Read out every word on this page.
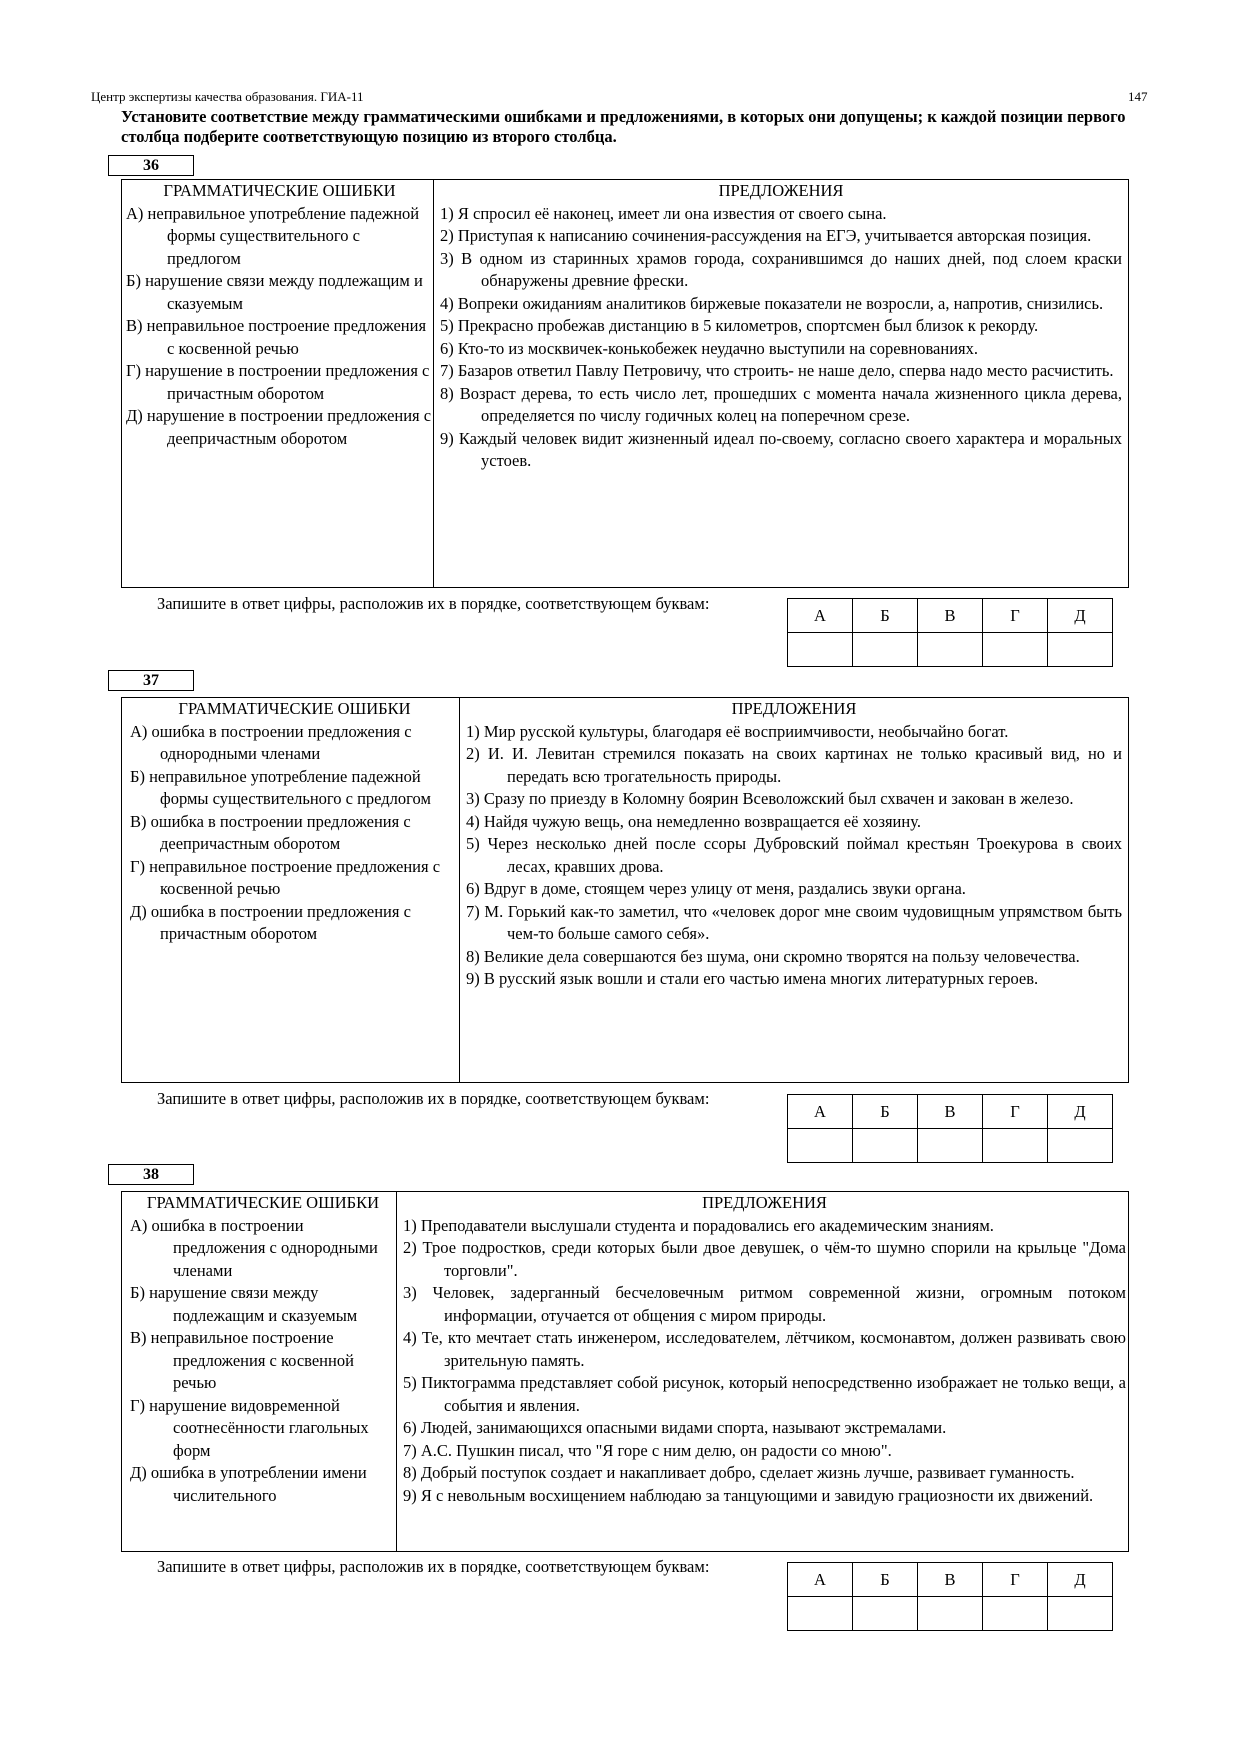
Центр экспертизы качества образования. ГИА-11	147
Установите соответствие между грамматическими ошибками и предложениями, в которых они допущены; к каждой позиции первого столбца подберите соответствующую позицию из второго столбца.
36
ГРАММАТИЧЕСКИЕ ОШИБКИ
А) неправильное употребление падежной формы существительного с предлогом
Б) нарушение связи между подлежащим и сказуемым
В) неправильное построение предложения с косвенной речью
Г) нарушение в построении предложения с причастным оборотом
Д) нарушение в построении предложения с деепричастным оборотом
ПРЕДЛОЖЕНИЯ
1) Я спросил её наконец, имеет ли она известия от своего сына.
2) Приступая к написанию сочинения-рассуждения на ЕГЭ, учитывается авторская позиция.
3) В одном из старинных храмов города, сохранившимся до наших дней, под слоем краски обнаружены древние фрески.
4) Вопреки ожиданиям аналитиков биржевые показатели не возросли, а, напротив, снизились.
5) Прекрасно пробежав дистанцию в 5 километров, спортсмен был близок к рекорду.
6) Кто-то из москвичек-конькобежек неудачно выступили на соревнованиях.
7) Базаров ответил Павлу Петровичу, что строить- не наше дело, сперва надо место расчистить.
8) Возраст дерева, то есть число лет, прошедших с момента начала жизненного цикла дерева, определяется по числу годичных колец на поперечном срезе.
9) Каждый человек видит жизненный идеал по-своему, согласно своего характера и моральных устоев.
Запишите в ответ цифры, расположив их в порядке, соответствующем буквам:
А	Б	В	Г	Д

37
ГРАММАТИЧЕСКИЕ ОШИБКИ
А) ошибка в построении предложения с однородными членами
Б) неправильное употребление падежной формы существительного с предлогом
В) ошибка в построении предложения с деепричастным оборотом
Г) неправильное построение предложения с косвенной речью
Д) ошибка в построении предложения с причастным оборотом
ПРЕДЛОЖЕНИЯ
1) Мир русской культуры, благодаря её восприимчивости, необычайно богат.
2) И. И. Левитан стремился показать на своих картинах не только красивый вид, но и передать всю трогательность природы.
3) Сразу по приезду в Коломну боярин Всеволожский был схвачен и закован в железо.
4) Найдя чужую вещь, она немедленно возвращается её хозяину.
5) Через несколько дней после ссоры Дубровский поймал крестьян Троекурова в своих лесах, кравших дрова.
6) Вдруг в доме, стоящем через улицу от меня, раздались звуки органа.
7) М. Горький как-то заметил, что «человек дорог мне своим чудовищным упрямством быть чем-то больше самого себя».
8) Великие дела совершаются без шума, они скромно творятся на пользу человечества.
9) В русский язык вошли и стали его частью имена многих литературных героев.
Запишите в ответ цифры, расположив их в порядке, соответствующем буквам:
А	Б	В	Г	Д

38
ГРАММАТИЧЕСКИЕ ОШИБКИ
А) ошибка в построении предложения с однородными членами
Б) нарушение связи между подлежащим и сказуемым
В) неправильное построение предложения с косвенной речью
Г) нарушение видовременной соотнесённости глагольных форм
Д) ошибка в употреблении имени числительного
ПРЕДЛОЖЕНИЯ
1) Преподаватели выслушали студента и порадовались его академическим знаниям.
2) Трое подростков, среди которых были двое девушек, о чём-то шумно спорили на крыльце "Дома торговли".
3) Человек, задерганный бесчеловечным ритмом современной жизни, огромным потоком информации, отучается от общения с миром природы.
4) Те, кто мечтает стать инженером, исследователем, лётчиком, космонавтом, должен развивать свою зрительную память.
5) Пиктограмма представляет собой рисунок, который непосредственно изображает не только вещи, а события и явления.
6) Людей, занимающихся опасными видами спорта, называют экстремалами.
7) А.С. Пушкин писал, что "Я горе с ним делю, он радости со мною".
8) Добрый поступок создает и накапливает добро, сделает жизнь лучше, развивает гуманность.
9) Я с невольным восхищением наблюдаю за танцующими и завидую грациозности их движений.
Запишите в ответ цифры, расположив их в порядке, соответствующем буквам:
А	Б	В	Г	Д
